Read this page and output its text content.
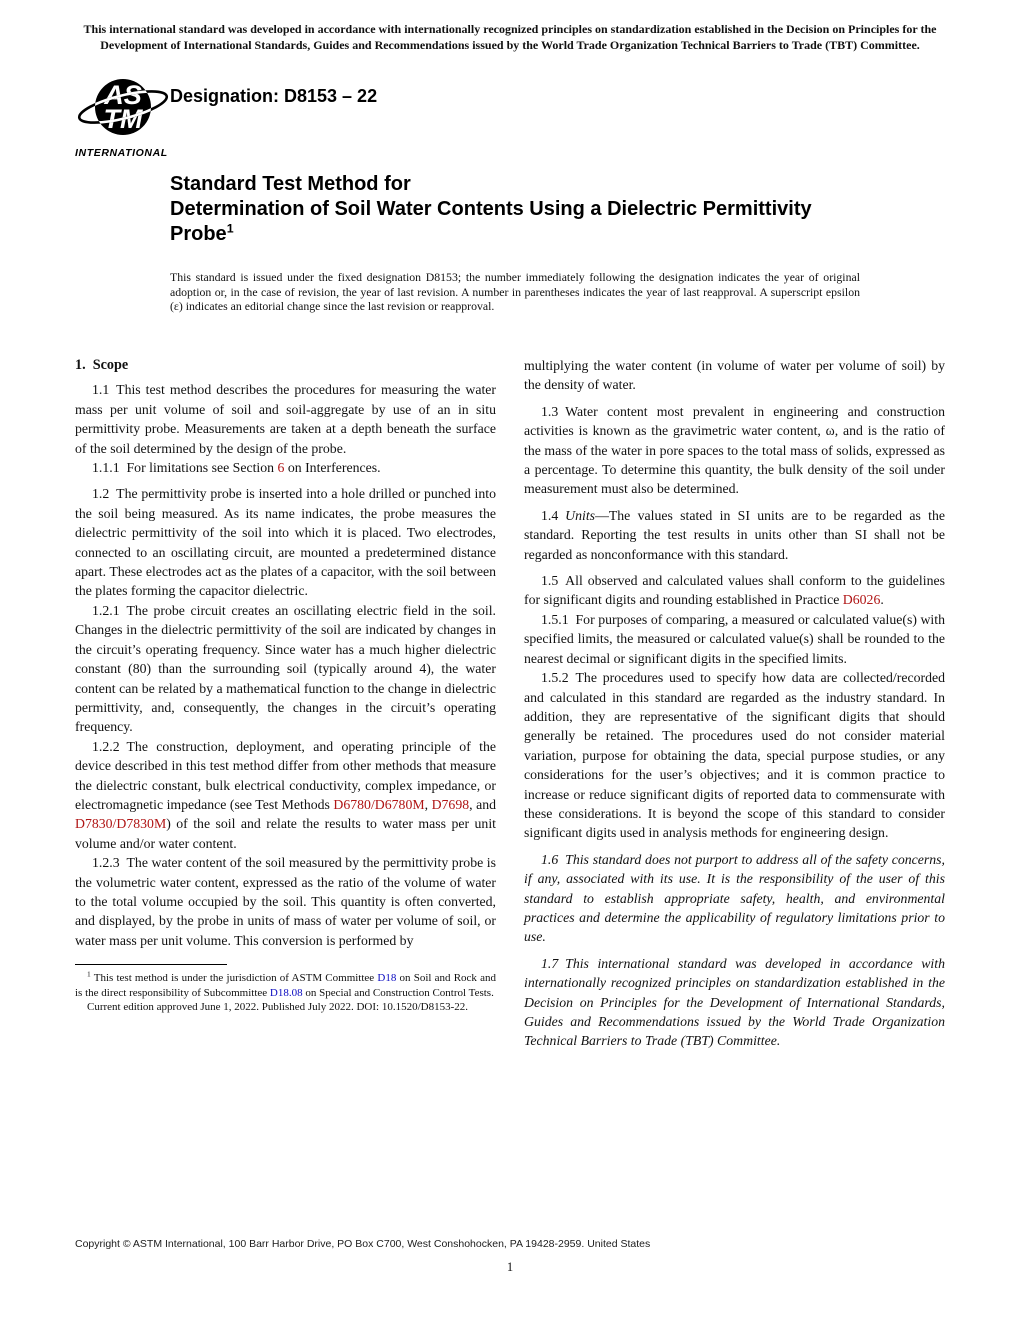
This international standard was developed in accordance with internationally recognized principles on standardization established in the Decision on Principles for the Development of International Standards, Guides and Recommendations issued by the World Trade Organization Technical Barriers to Trade (TBT) Committee.
AS
TM
INTERNATIONAL
Designation: D8153 – 22
Standard Test Method for
Determination of Soil Water Contents Using a Dielectric Permittivity Probe$^1$
This standard is issued under the fixed designation D8153; the number immediately following the designation indicates the year of original adoption or, in the case of revision, the year of last revision. A number in parentheses indicates the year of last reapproval. A superscript epsilon (ε) indicates an editorial change since the last revision or reapproval.
1. Scope

1.1 This test method describes the procedures for measuring the water mass per unit volume of soil and soil-aggregate by use of an in situ permittivity probe. Measurements are taken at a depth beneath the surface of the soil determined by the design of the probe.

1.1.1 For limitations see Section 6 on Interferences.

1.2 The permittivity probe is inserted into a hole drilled or punched into the soil being measured. As its name indicates, the probe measures the dielectric permittivity of the soil into which it is placed. Two electrodes, connected to an oscillating circuit, are mounted a predetermined distance apart. These electrodes act as the plates of a capacitor, with the soil between the plates forming the capacitor dielectric.

1.2.1 The probe circuit creates an oscillating electric field in the soil. Changes in the dielectric permittivity of the soil are indicated by changes in the circuit’s operating frequency. Since water has a much higher dielectric constant (80) than the surrounding soil (typically around 4), the water content can be related by a mathematical function to the change in dielectric permittivity, and, consequently, the changes in the circuit’s operating frequency.

1.2.2 The construction, deployment, and operating principle of the device described in this test method differ from other methods that measure the dielectric constant, bulk electrical conductivity, complex impedance, or electromagnetic impedance (see Test Methods D6780/D6780M, D7698, and D7830/D7830M) of the soil and relate the results to water mass per unit volume and/or water content.

1.2.3 The water content of the soil measured by the permittivity probe is the volumetric water content, expressed as the ratio of the volume of water to the total volume occupied by the soil. This quantity is often converted, and displayed, by the probe in units of mass of water per volume of soil, or water mass per unit volume. This conversion is performed by

$^1$ This test method is under the jurisdiction of ASTM Committee D18 on Soil and Rock and is the direct responsibility of Subcommittee D18.08 on Special and Construction Control Tests.

Current edition approved June 1, 2022. Published July 2022. DOI: 10.1520/D8153-22.

multiplying the water content (in volume of water per volume of soil) by the density of water.

1.3 Water content most prevalent in engineering and construction activities is known as the gravimetric water content, ω, and is the ratio of the mass of the water in pore spaces to the total mass of solids, expressed as a percentage. To determine this quantity, the bulk density of the soil under measurement must also be determined.

1.4 Units—The values stated in SI units are to be regarded as the standard. Reporting the test results in units other than SI shall not be regarded as nonconformance with this standard.

1.5 All observed and calculated values shall conform to the guidelines for significant digits and rounding established in Practice D6026.

1.5.1 For purposes of comparing, a measured or calculated value(s) with specified limits, the measured or calculated value(s) shall be rounded to the nearest decimal or significant digits in the specified limits.

1.5.2 The procedures used to specify how data are collected/recorded and calculated in this standard are regarded as the industry standard. In addition, they are representative of the significant digits that should generally be retained. The procedures used do not consider material variation, purpose for obtaining the data, special purpose studies, or any considerations for the user’s objectives; and it is common practice to increase or reduce significant digits of reported data to commensurate with these considerations. It is beyond the scope of this standard to consider significant digits used in analysis methods for engineering design.

1.6 This standard does not purport to address all of the safety concerns, if any, associated with its use. It is the responsibility of the user of this standard to establish appropriate safety, health, and environmental practices and determine the applicability of regulatory limitations prior to use.

1.7 This international standard was developed in accordance with internationally recognized principles on standardization established in the Decision on Principles for the Development of International Standards, Guides and Recommendations issued by the World Trade Organization Technical Barriers to Trade (TBT) Committee.

Copyright © ASTM International, 100 Barr Harbor Drive, PO Box C700, West Conshohocken, PA 19428-2959. United States
1
